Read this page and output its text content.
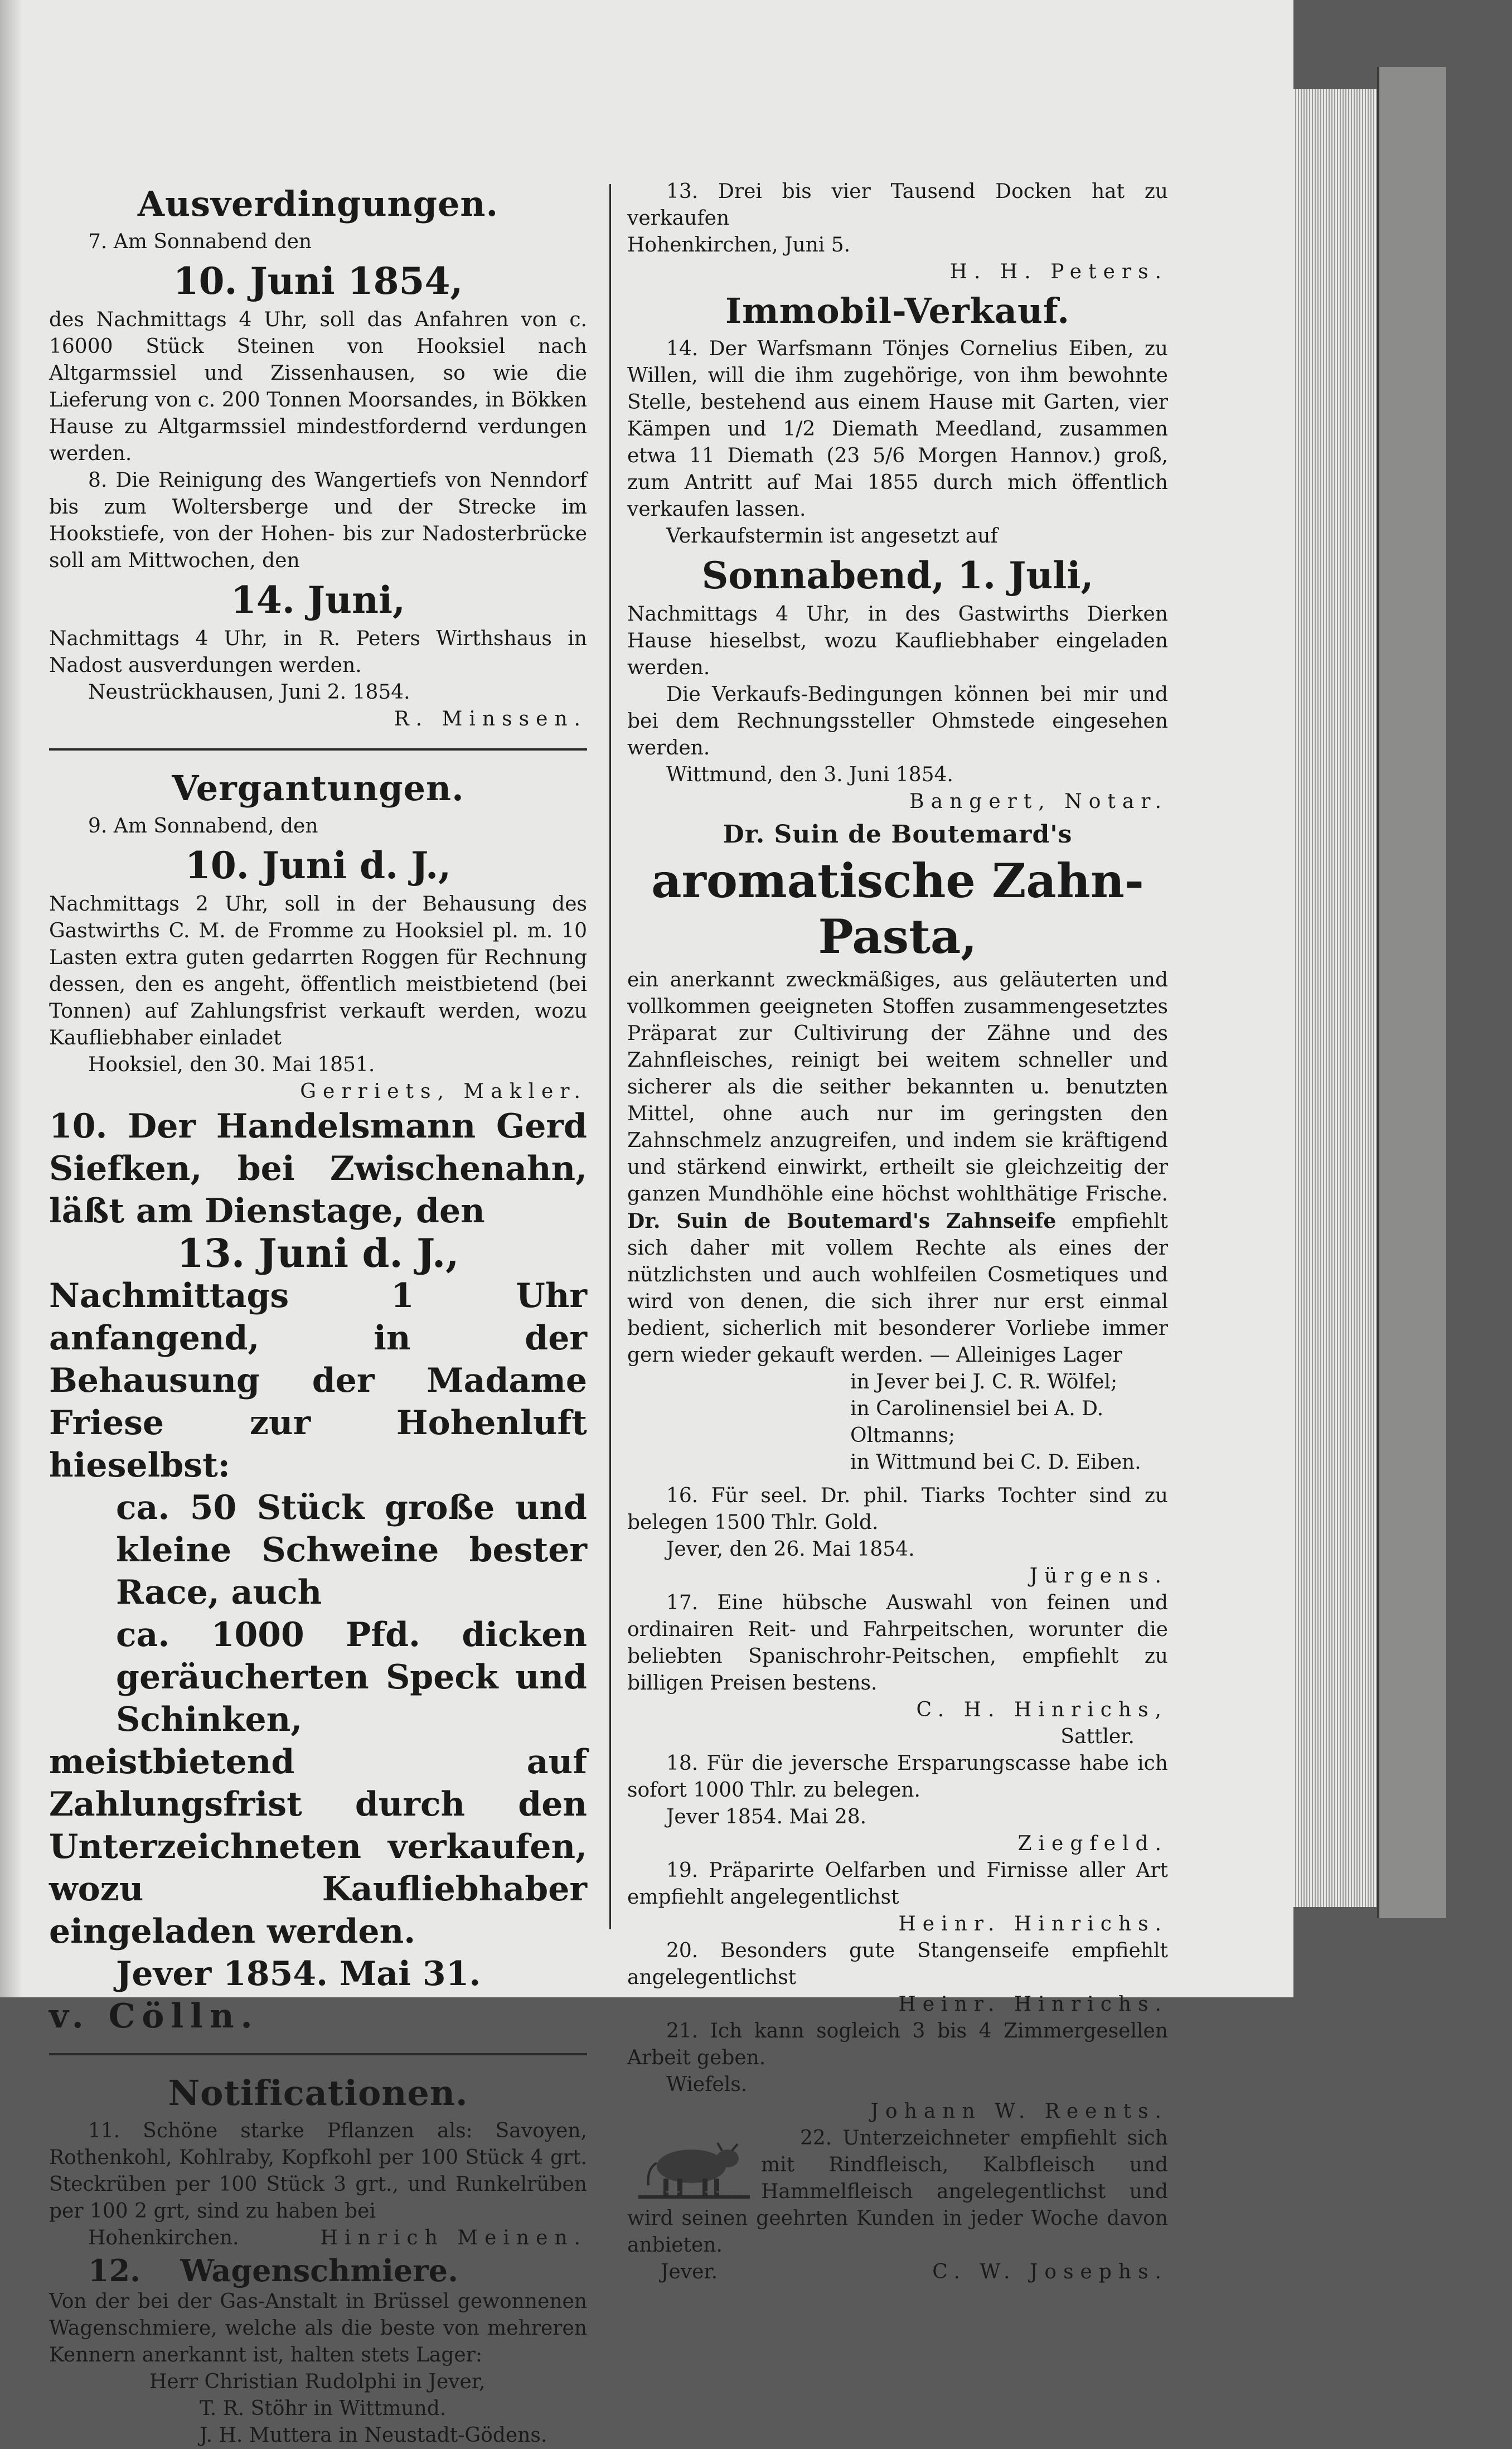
Ausverdingungen.

7. Am Sonnabend den

10. Juni 1854,

des Nachmittags 4 Uhr, soll das Anfahren von c. 16000 Stück Steinen von Hooksiel nach Altgarmssiel und Zissenhausen, so wie die Lieferung von c. 200 Tonnen Moorsandes, in Bökken Hause zu Altgarmssiel mindestfordernd verdungen werden.

8. Die Reinigung des Wangertiefs von Nenndorf bis zum Woltersberge und der Strecke im Hookstiefe, von der Hohen- bis zur Nadosterbrücke soll am Mittwochen, den

14. Juni,

Nachmittags 4 Uhr, in R. Peters Wirthshaus in Nadost ausverdungen werden.

Neustrückhausen, Juni 2. 1854.

R. Minssen.

Vergantungen.

9. Am Sonnabend, den

10. Juni d. J.,

Nachmittags 2 Uhr, soll in der Behausung des Gastwirths C. M. de Fromme zu Hooksiel pl. m. 10 Lasten extra guten gedarrten Roggen für Rechnung dessen, den es angeht, öffentlich meistbietend (bei Tonnen) auf Zahlungsfrist verkauft werden, wozu Kaufliebhaber einladet

Hooksiel, den 30. Mai 1851.

Gerriets, Makler.

10. Der Handelsmann Gerd Siefken, bei Zwischenahn, läßt am Dienstage, den

13. Juni d. J.,

Nachmittags 1 Uhr anfangend, in der Behausung der Madame Friese zur Hohenluft hieselbst:

ca. 50 Stück große und kleine Schweine bester Race, auch

ca. 1000 Pfd. dicken geräucherten Speck und Schinken,

meistbietend auf Zahlungsfrist durch den Unterzeichneten verkaufen, wozu Kaufliebhaber eingeladen werden.

Jever 1854. Mai 31.

v. Cölln.

Notificationen.

11. Schöne starke Pflanzen als: Savoyen, Rothenkohl, Kohlraby, Kopfkohl per 100 Stück 4 grt. Steckrüben per 100 Stück 3 grt., und Runkelrüben per 100 2 grt, sind zu haben bei

Hohenkirchen.	Hinrich Meinen.

12. Wagenschmiere.

Von der bei der Gas-Anstalt in Brüssel gewonnenen Wagenschmiere, welche als die beste von mehreren Kennern anerkannt ist, halten stets Lager:

Herr Christian Rudolphi in Jever,

T. R. Stöhr in Wittmund.

J. H. Muttera in Neustadt-Gödens.

13. Drei bis vier Tausend Docken hat zu verkaufen

Hohenkirchen, Juni 5.

H. H. Peters.

Immobil-Verkauf.

14. Der Warfsmann Tönjes Cornelius Eiben, zu Willen, will die ihm zugehörige, von ihm bewohnte Stelle, bestehend aus einem Hause mit Garten, vier Kämpen und 1/2 Diemath Meedland, zusammen etwa 11 Diemath (23 5/6 Morgen Hannov.) groß, zum Antritt auf Mai 1855 durch mich öffentlich verkaufen lassen.

Verkaufstermin ist angesetzt auf

Sonnabend, 1. Juli,

Nachmittags 4 Uhr, in des Gastwirths Dierken Hause hieselbst, wozu Kaufliebhaber eingeladen werden.

Die Verkaufs-Bedingungen können bei mir und bei dem Rechnungssteller Ohmstede eingesehen werden.

Wittmund, den 3. Juni 1854.

Bangert, Notar.

Dr. Suin de Boutemard's
aromatische Zahn-Pasta,

ein anerkannt zweckmäßiges, aus geläuterten und vollkommen geeigneten Stoffen zusammengesetztes Präparat zur Cultivirung der Zähne und des Zahnfleisches, reinigt bei weitem schneller und sicherer als die seither bekannten u. benutzten Mittel, ohne auch nur im geringsten den Zahnschmelz anzugreifen, und indem sie kräftigend und stärkend einwirkt, ertheilt sie gleichzeitig der ganzen Mundhöhle eine höchst wohlthätige Frische. Dr. Suin de Boutemard's Zahnseife empfiehlt sich daher mit vollem Rechte als eines der nützlichsten und auch wohlfeilen Cosmetiques und wird von denen, die sich ihrer nur erst einmal bedient, sicherlich mit besonderer Vorliebe immer gern wieder gekauft werden. — Alleiniges Lager

in Jever bei J. C. R. Wölfel;

in Carolinensiel bei A. D. Oltmanns;

in Wittmund bei C. D. Eiben.

16. Für seel. Dr. phil. Tiarks Tochter sind zu belegen 1500 Thlr. Gold.

Jever, den 26. Mai 1854.

Jürgens.

17. Eine hübsche Auswahl von feinen und ordinairen Reit- und Fahrpeitschen, worunter die beliebten Spanischrohr-Peitschen, empfiehlt zu billigen Preisen bestens.

C. H. Hinrichs,

Sattler.

18. Für die jeversche Ersparungscasse habe ich sofort 1000 Thlr. zu belegen.

Jever 1854. Mai 28.

Ziegfeld.

19. Präparirte Oelfarben und Firnisse aller Art empfiehlt angelegentlichst

Heinr. Hinrichs.

20. Besonders gute Stangenseife empfiehlt angelegentlichst

Heinr. Hinrichs.

21. Ich kann sogleich 3 bis 4 Zimmergesellen Arbeit geben.

Wiefels.

Johann W. Reents.

22. Unterzeichneter empfiehlt sich mit Rindfleisch, Kalbfleisch und Hammelfleisch angelegentlichst und wird seinen geehrten Kunden in jeder Woche davon anbieten.

Jever.	C. W. Josephs.
